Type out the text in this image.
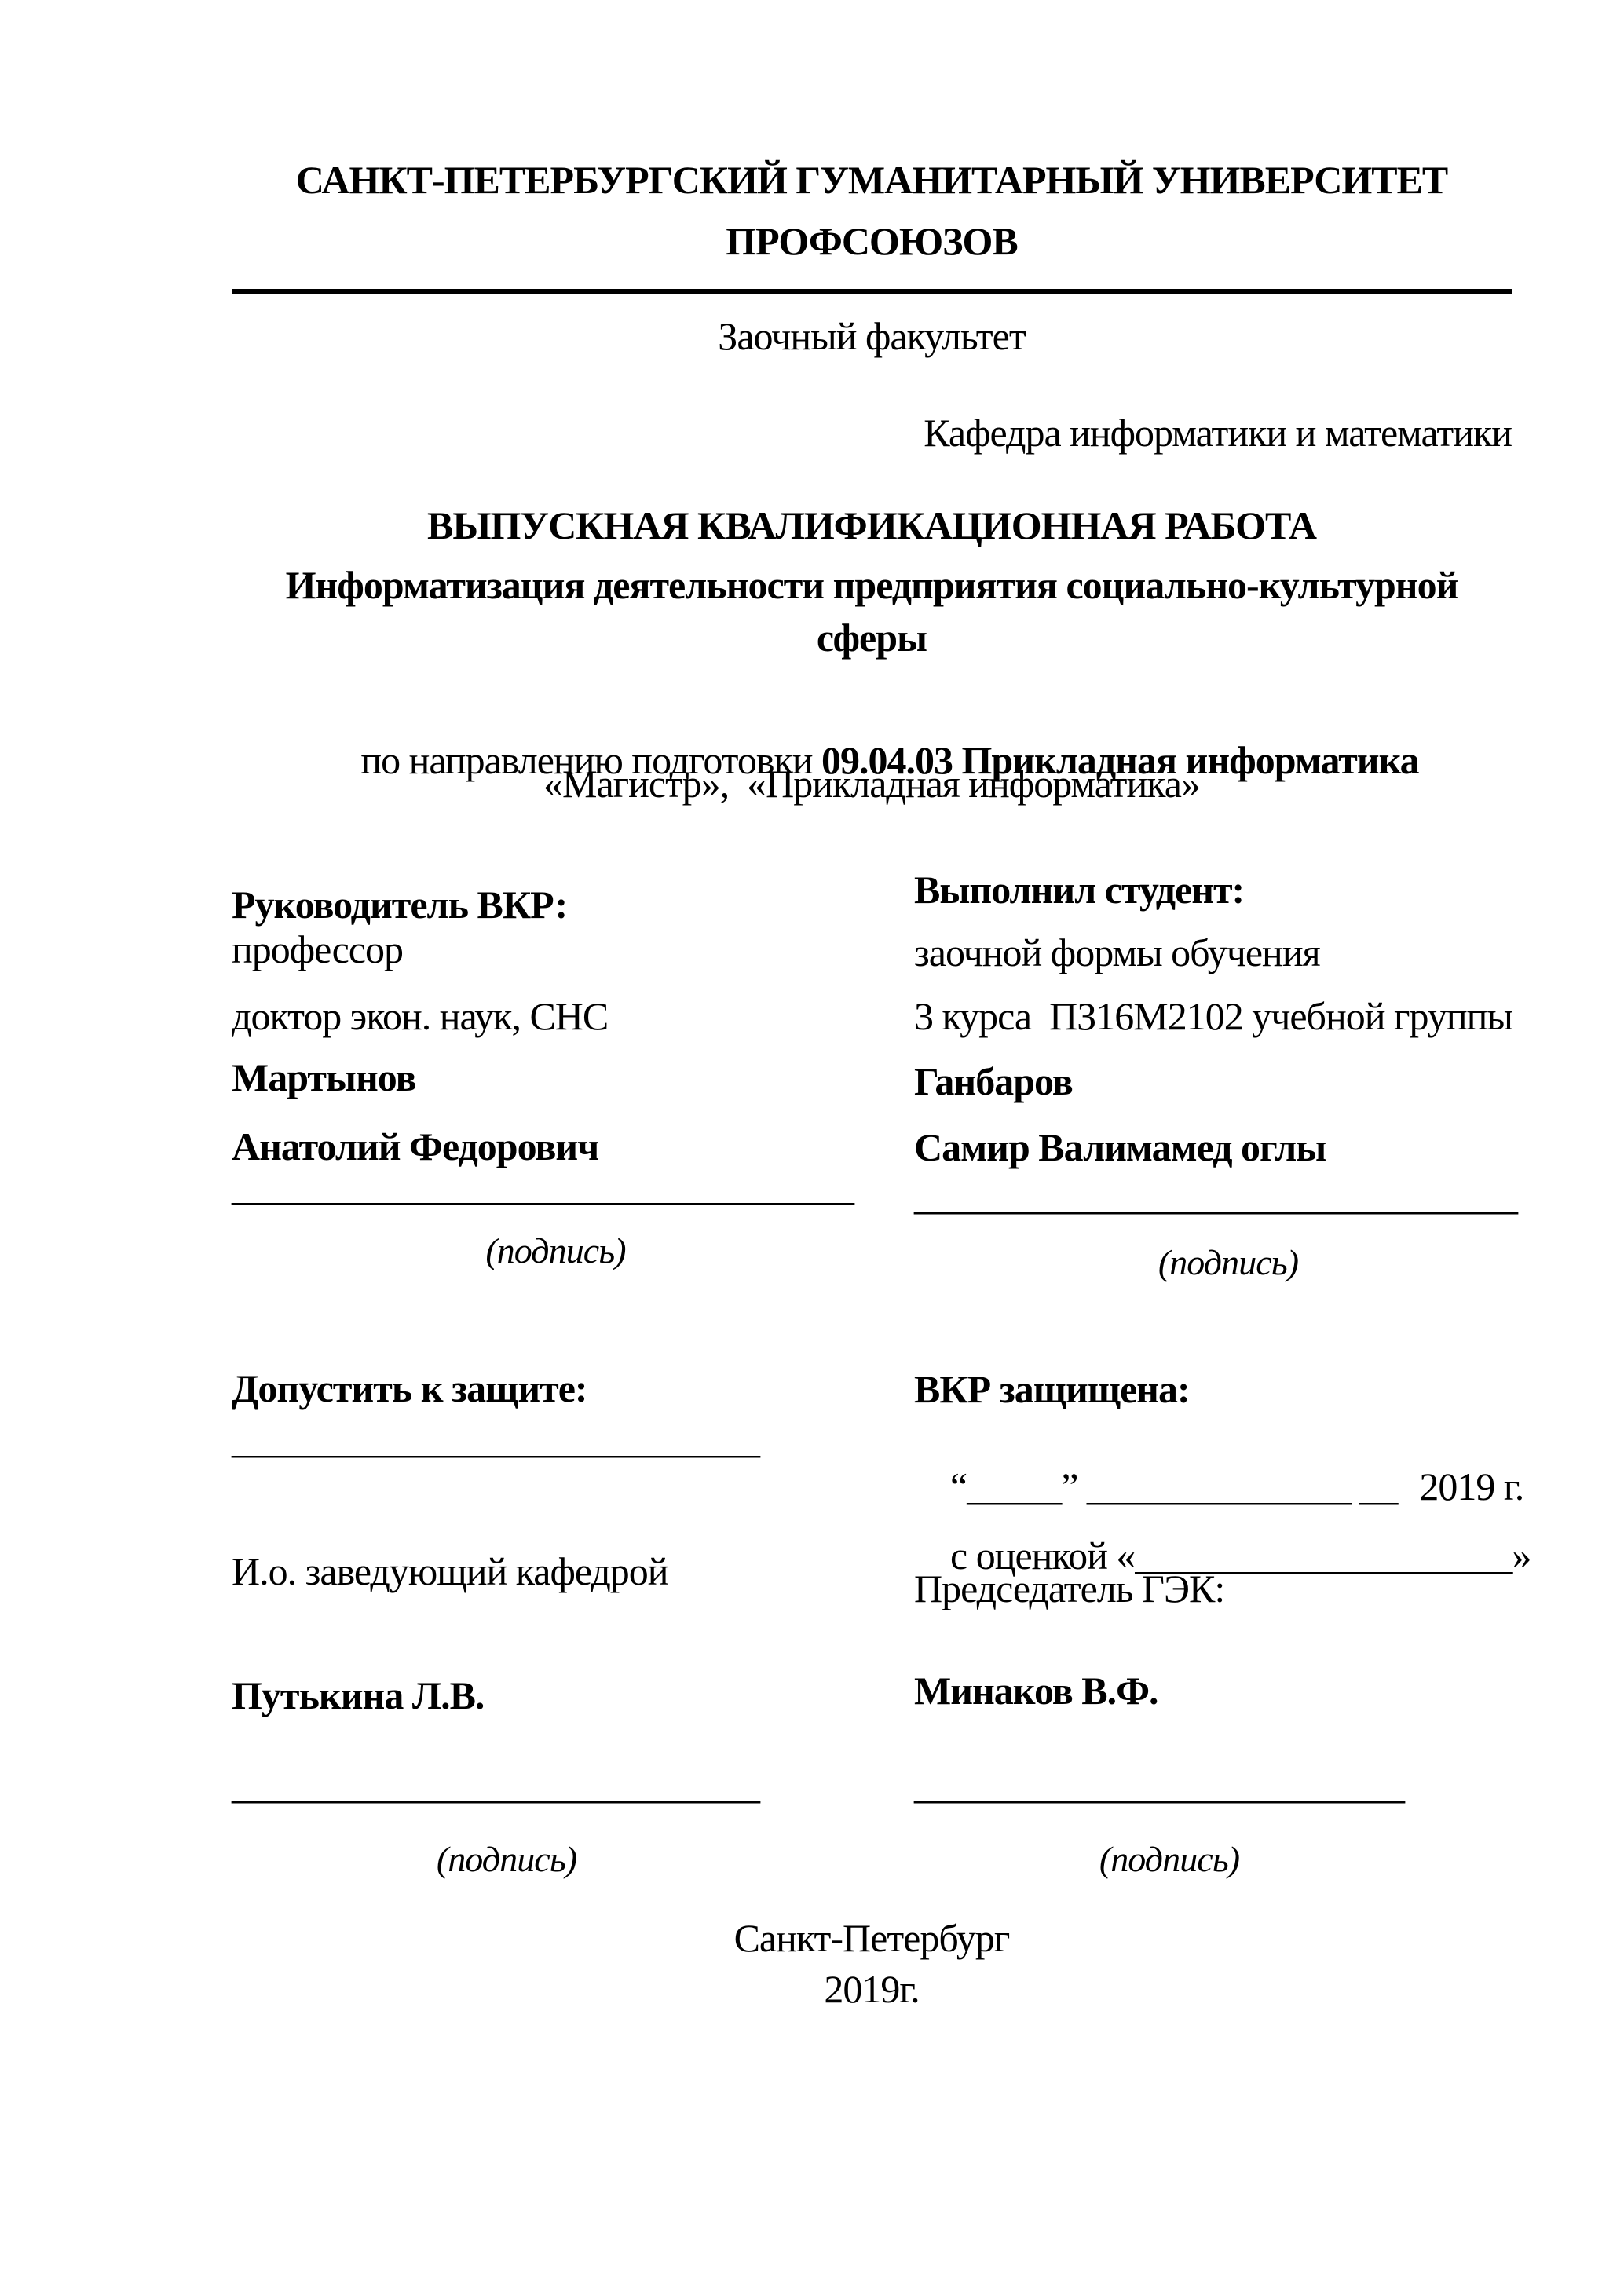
САНКТ-ПЕТЕРБУРГСКИЙ ГУМАНИТАРНЫЙ УНИВЕРСИТЕТ
ПРОФСОЮЗОВ
Заочный факультет
Кафедра информатики и математики
ВЫПУСКНАЯ КВАЛИФИКАЦИОННАЯ РАБОТА
Информатизация деятельности предприятия социально-культурной сферы

по направлению подготовки 09.04.03 Прикладная информатика

«Магистр»,  «Прикладная информатика»
Руководитель ВКР:
профессор
доктор экон. наук, СНС
Мартынов
Анатолий Федорович
_________________________________
(подпись)
Выполнил студент:
заочной формы обучения
3 курса  ПЗ16М2102 учебной группы
Ганбаров
Самир Валимамед оглы
________________________________
(подпись)
Допустить к защите:
____________________________
И.о. заведующий кафедрой
Путькина Л.В.
ВКР защищена:

“_____” ______________ __ 2019 г.

с оценкой «____________________»

Председатель ГЭК:
Минаков В.Ф.
____________________________	__________________________
(подпись)	(подпись)
Санкт-Петербург
2019г.
